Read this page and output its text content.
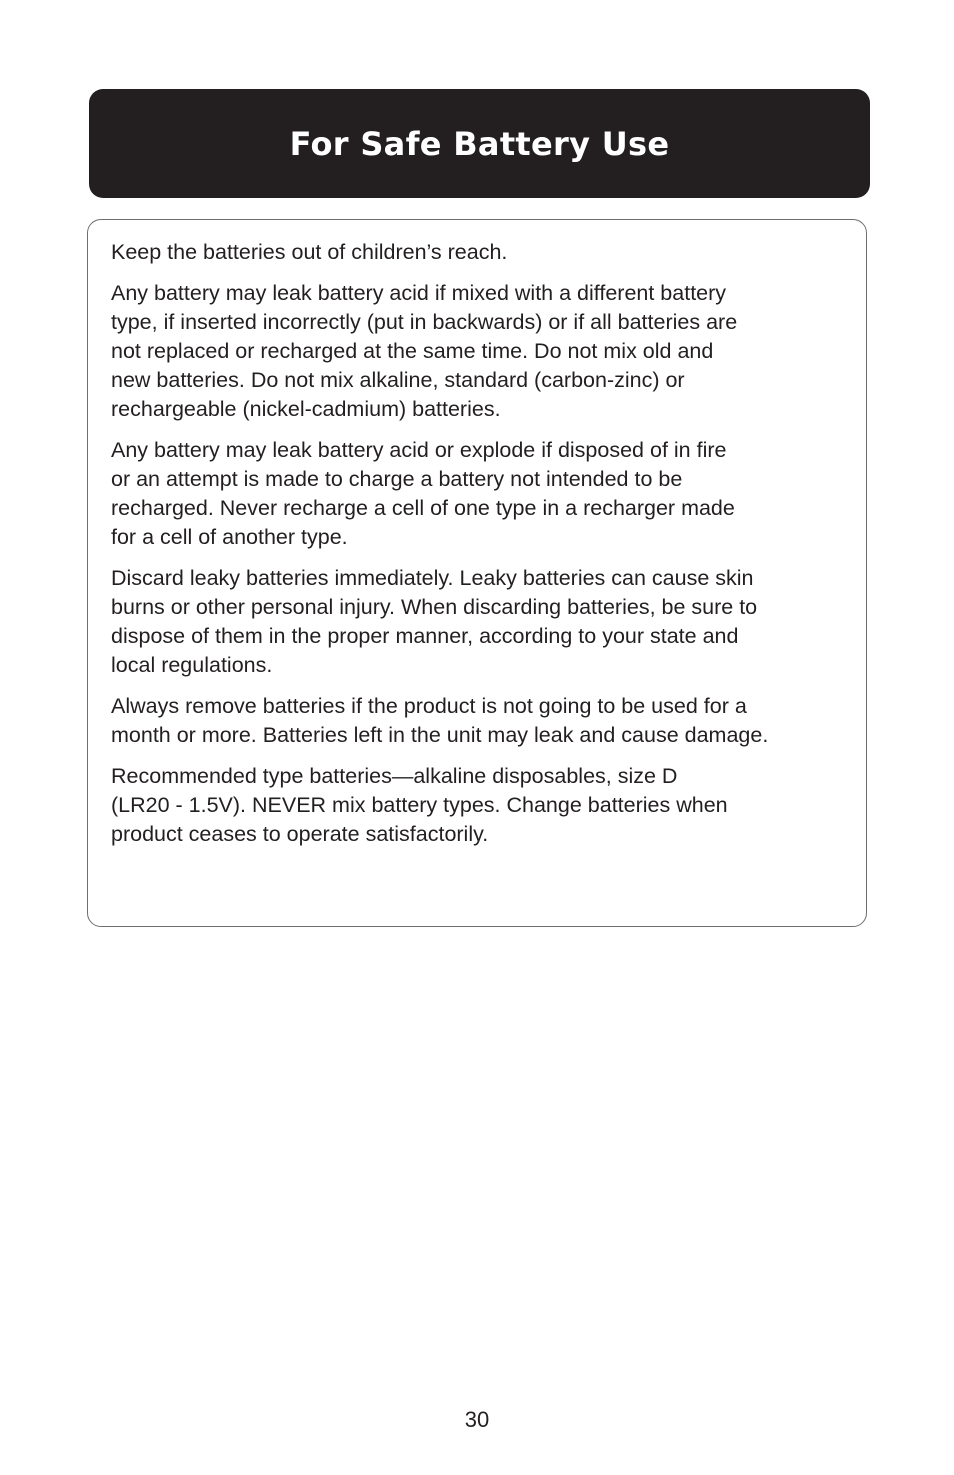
For Safe Battery Use

Keep the batteries out of children’s reach.

Any battery may leak battery acid if mixed with a different battery
type, if inserted incorrectly (put in backwards) or if all batteries are
not replaced or recharged at the same time. Do not mix old and
new batteries. Do not mix alkaline, standard (carbon-zinc) or
rechargeable (nickel-cadmium) batteries.

Any battery may leak battery acid or explode if disposed of in fire
or an attempt is made to charge a battery not intended to be
recharged. Never recharge a cell of one type in a recharger made
for a cell of another type.

Discard leaky batteries immediately. Leaky batteries can cause skin
burns or other personal injury. When discarding batteries, be sure to
dispose of them in the proper manner, according to your state and
local regulations.

Always remove batteries if the product is not going to be used for a
month or more. Batteries left in the unit may leak and cause damage.

Recommended type batteries—alkaline disposables, size D
(LR20 - 1.5V). NEVER mix battery types. Change batteries when
product ceases to operate satisfactorily.

30
